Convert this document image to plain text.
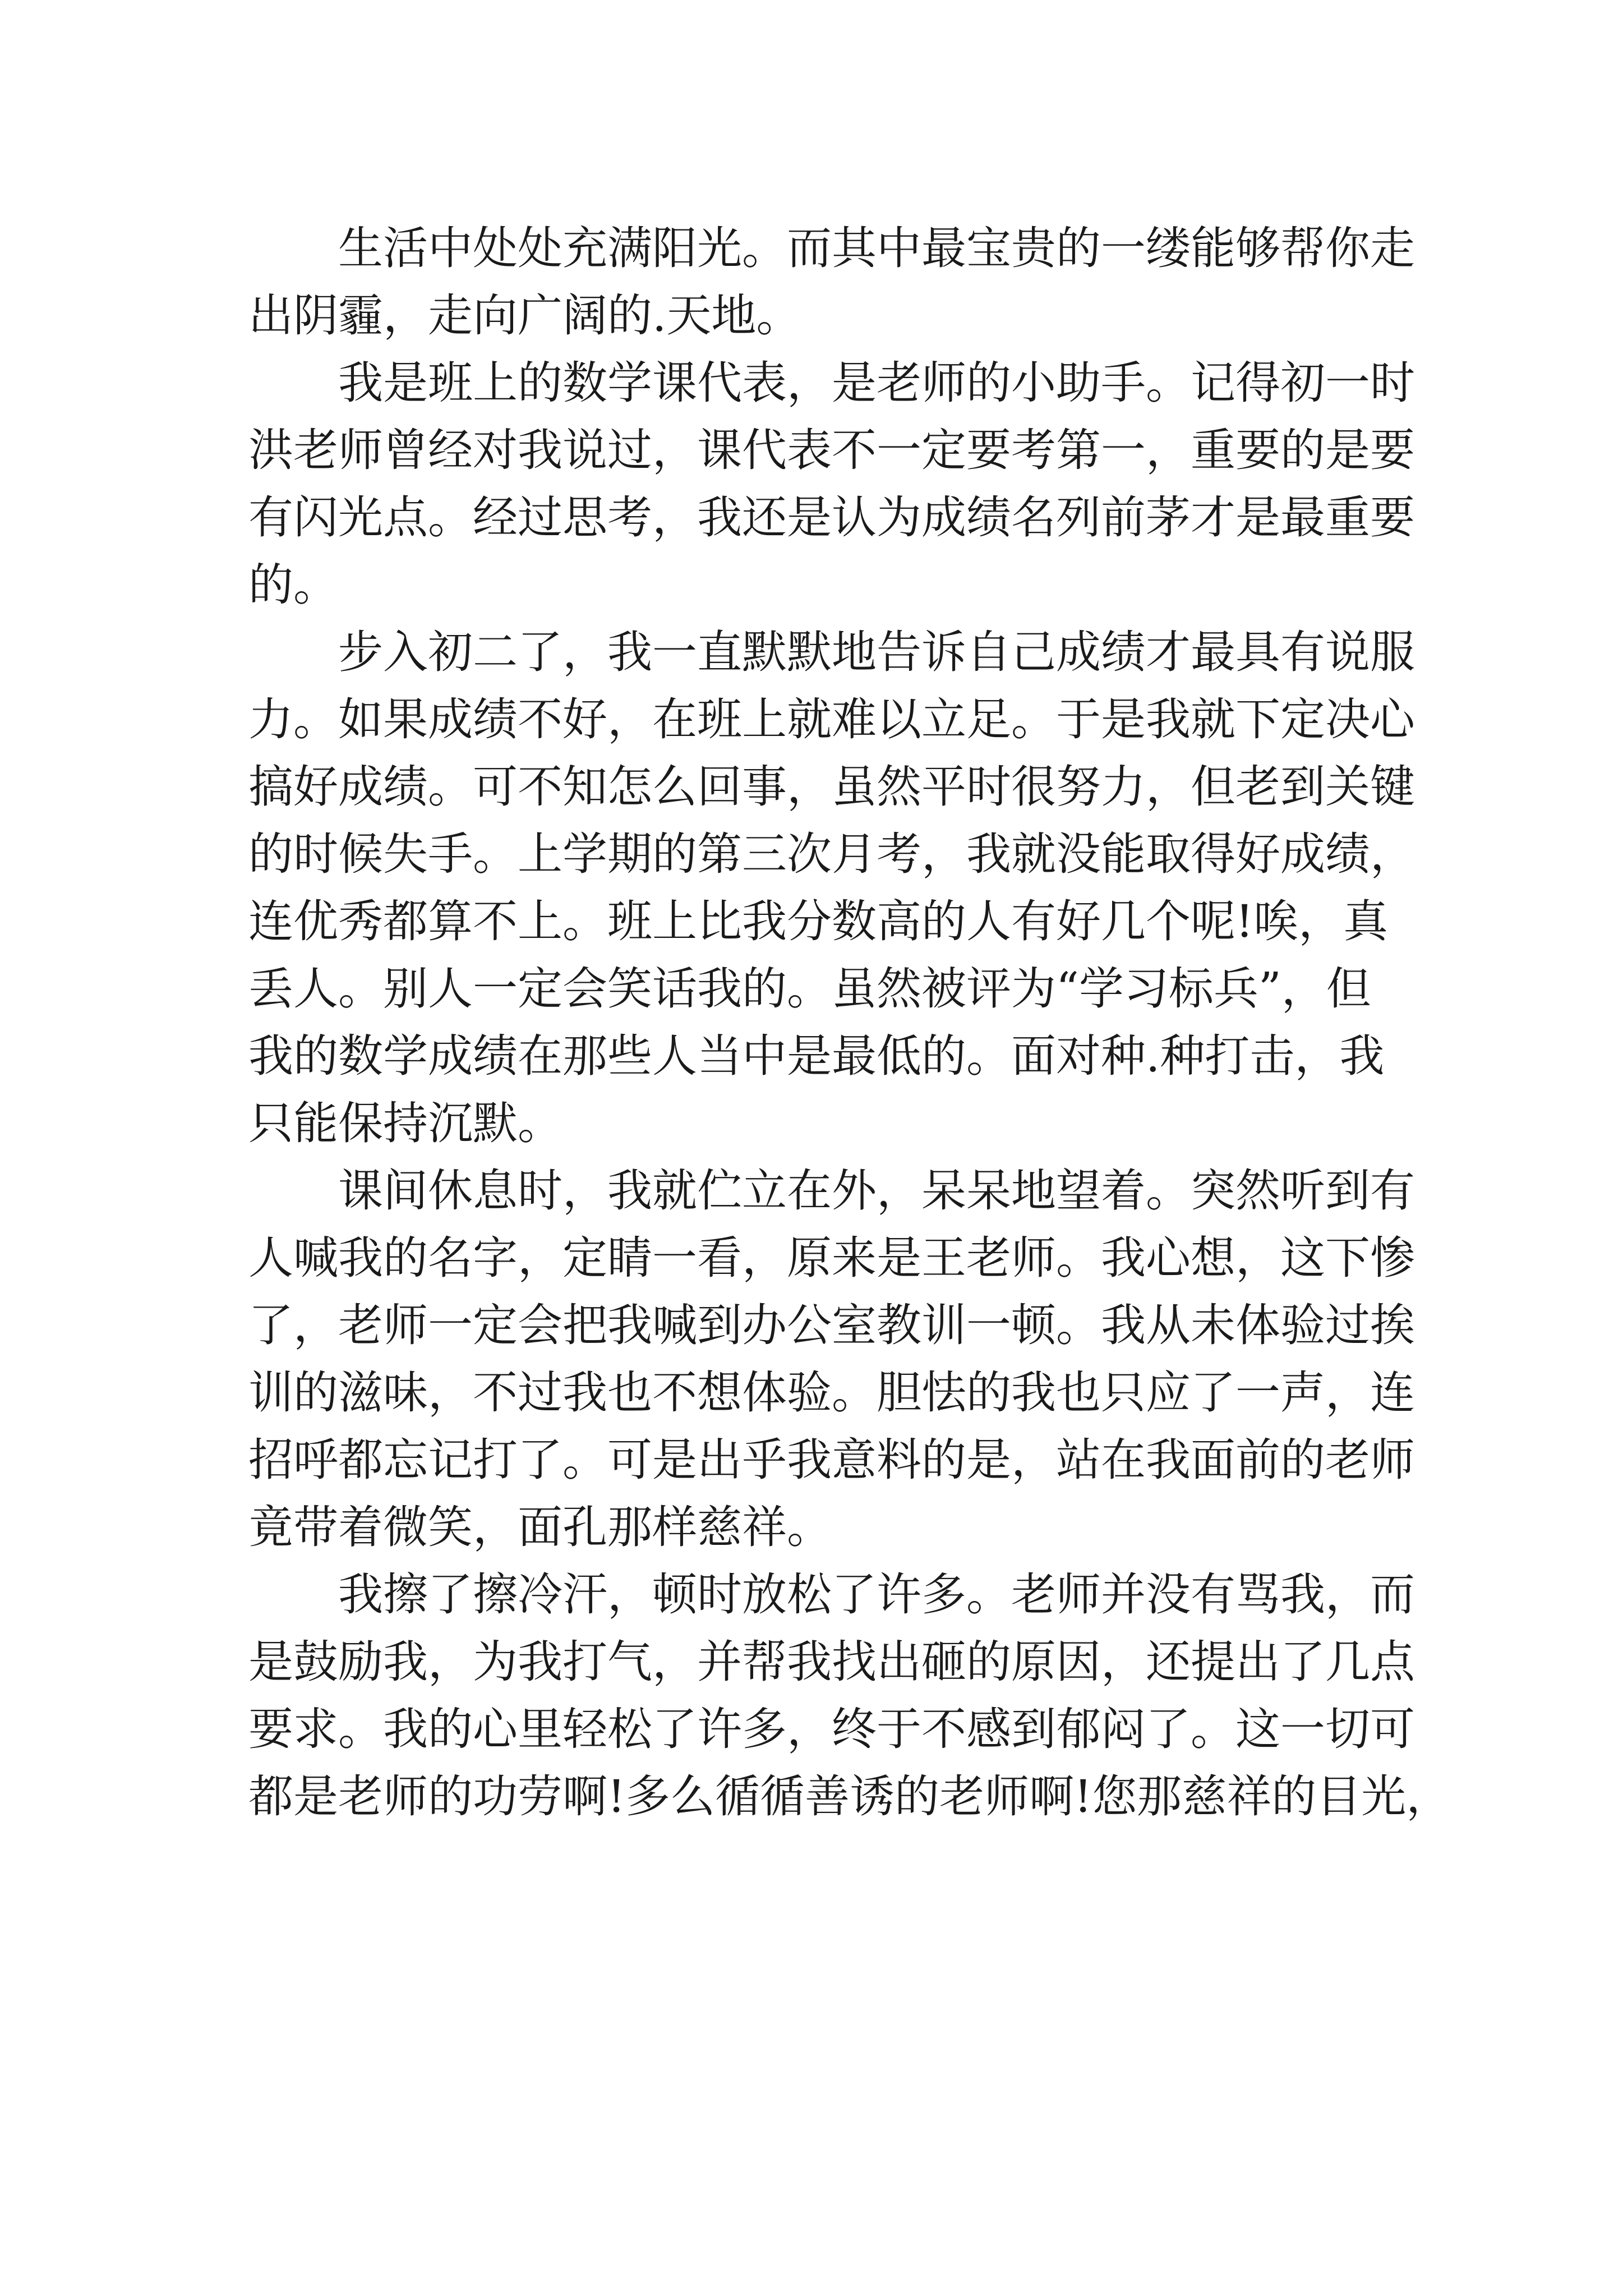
生活中处处充满阳光。而其中最宝贵的一缕能够帮你走
出阴霾，走向广阔的.天地。
我是班上的数学课代表，是老师的小助手。记得初一时
洪老师曾经对我说过，课代表不一定要考第一，重要的是要
有闪光点。经过思考，我还是认为成绩名列前茅才是最重要
的。
步入初二了，我一直默默地告诉自己成绩才最具有说服
力。如果成绩不好，在班上就难以立足。于是我就下定决心
搞好成绩。可不知怎么回事，虽然平时很努力，但老到关键
的时候失手。上学期的第三次月考，我就没能取得好成绩，
连优秀都算不上。班上比我分数高的人有好几个呢!唉，真
丢人。别人一定会笑话我的。虽然被评为“学习标兵”，但
我的数学成绩在那些人当中是最低的。面对种.种打击，我
只能保持沉默。
课间休息时，我就伫立在外，呆呆地望着。突然听到有
人喊我的名字，定睛一看，原来是王老师。我心想，这下惨
了，老师一定会把我喊到办公室教训一顿。我从未体验过挨
训的滋味，不过我也不想体验。胆怯的我也只应了一声，连
招呼都忘记打了。可是出乎我意料的是，站在我面前的老师
竟带着微笑，面孔那样慈祥。
我擦了擦冷汗，顿时放松了许多。老师并没有骂我，而
是鼓励我，为我打气，并帮我找出砸的原因，还提出了几点
要求。我的心里轻松了许多，终于不感到郁闷了。这一切可
都是老师的功劳啊!多么循循善诱的老师啊!您那慈祥的目光，
